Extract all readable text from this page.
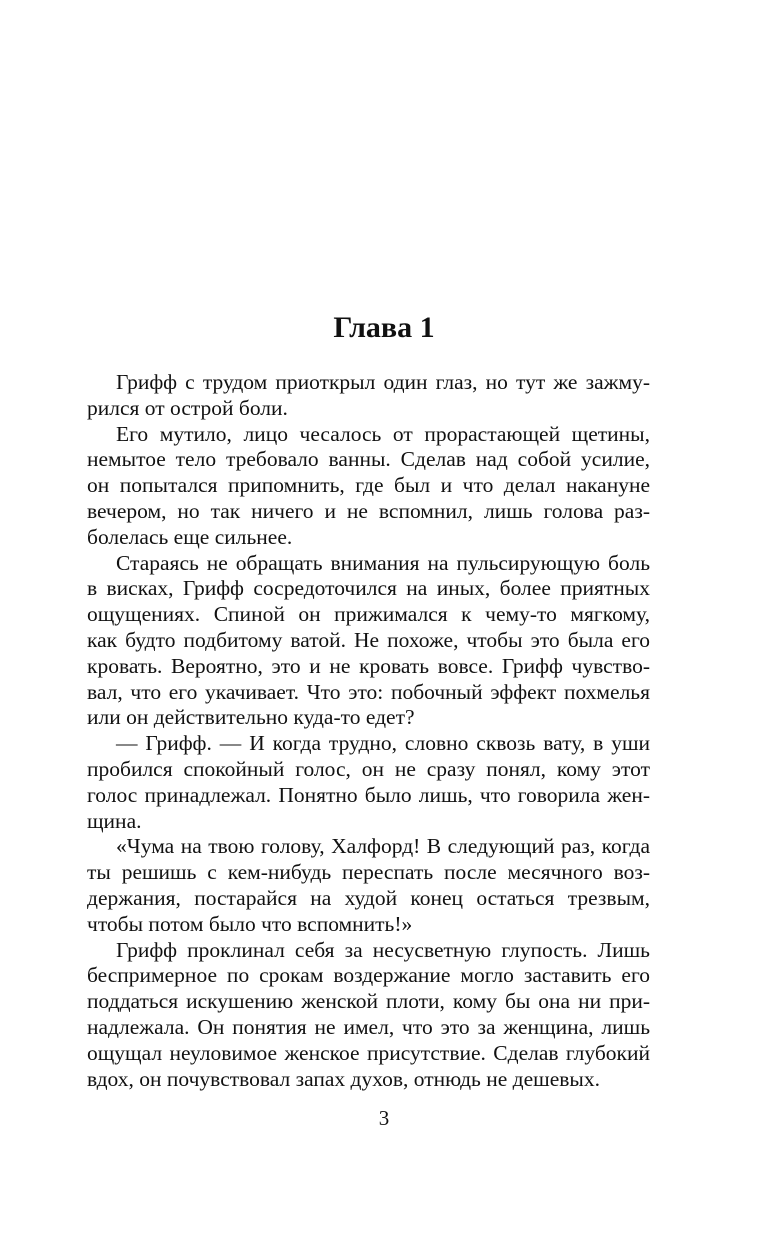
Глава 1

Грифф с трудом приоткрыл один глаз, но тут же зажму-
рился от острой боли.

Его мутило, лицо чесалось от прорастающей щетины,
немытое тело требовало ванны. Сделав над собой усилие,
он попытался припомнить, где был и что делал накануне
вечером, но так ничего и не вспомнил, лишь голова раз-
болелась еще сильнее.

Стараясь не обращать внимания на пульсирующую боль
в висках, Грифф сосредоточился на иных, более приятных
ощущениях. Спиной он прижимался к чему-то мягкому,
как будто подбитому ватой. Не похоже, чтобы это была его
кровать. Вероятно, это и не кровать вовсе. Грифф чувство-
вал, что его укачивает. Что это: побочный эффект похмелья
или он действительно куда-то едет?

— Грифф. — И когда трудно, словно сквозь вату, в уши
пробился спокойный голос, он не сразу понял, кому этот
голос принадлежал. Понятно было лишь, что говорила жен-
щина.

«Чума на твою голову, Халфорд! В следующий раз, когда
ты решишь с кем-нибудь переспать после месячного воз-
держания, постарайся на худой конец остаться трезвым,
чтобы потом было что вспомнить!»

Грифф проклинал себя за несусветную глупость. Лишь
беспримерное по срокам воздержание могло заставить его
поддаться искушению женской плоти, кому бы она ни при-
надлежала. Он понятия не имел, что это за женщина, лишь
ощущал неуловимое женское присутствие. Сделав глубокий
вдох, он почувствовал запах духов, отнюдь не дешевых.

3
